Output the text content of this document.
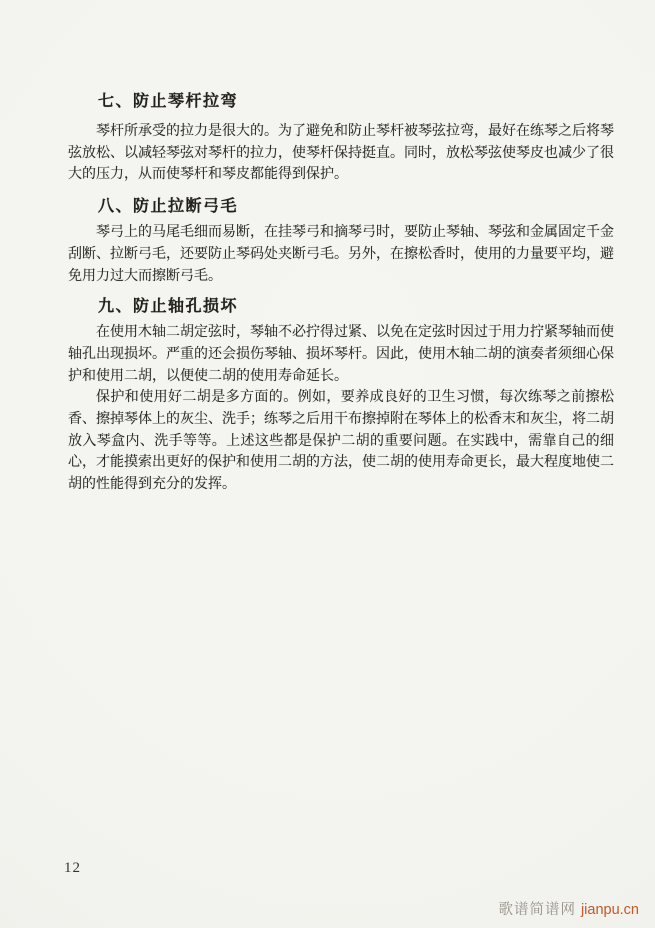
七、防止琴杆拉弯

琴杆所承受的拉力是很大的。为了避免和防止琴杆被琴弦拉弯，最好在练琴之后将琴弦放松、以减轻琴弦对琴杆的拉力，使琴杆保持挺直。同时，放松琴弦使琴皮也减少了很大的压力，从而使琴杆和琴皮都能得到保护。

八、防止拉断弓毛

琴弓上的马尾毛细而易断，在挂琴弓和摘琴弓时，要防止琴轴、琴弦和金属固定千金刮断、拉断弓毛，还要防止琴码处夹断弓毛。另外，在擦松香时，使用的力量要平均，避免用力过大而擦断弓毛。

九、防止轴孔损坏

在使用木轴二胡定弦时，琴轴不必拧得过紧、以免在定弦时因过于用力拧紧琴轴而使轴孔出现损坏。严重的还会损伤琴轴、损坏琴杆。因此，使用木轴二胡的演奏者须细心保护和使用二胡，以便使二胡的使用寿命延长。

保护和使用好二胡是多方面的。例如，要养成良好的卫生习惯，每次练琴之前擦松香、擦掉琴体上的灰尘、洗手；练琴之后用干布擦掉附在琴体上的松香末和灰尘，将二胡放入琴盒内、洗手等等。上述这些都是保护二胡的重要问题。在实践中，需靠自己的细心，才能摸索出更好的保护和使用二胡的方法，使二胡的使用寿命更长，最大程度地使二胡的性能得到充分的发挥。

12
歌谱简谱网 jianpu.cn
